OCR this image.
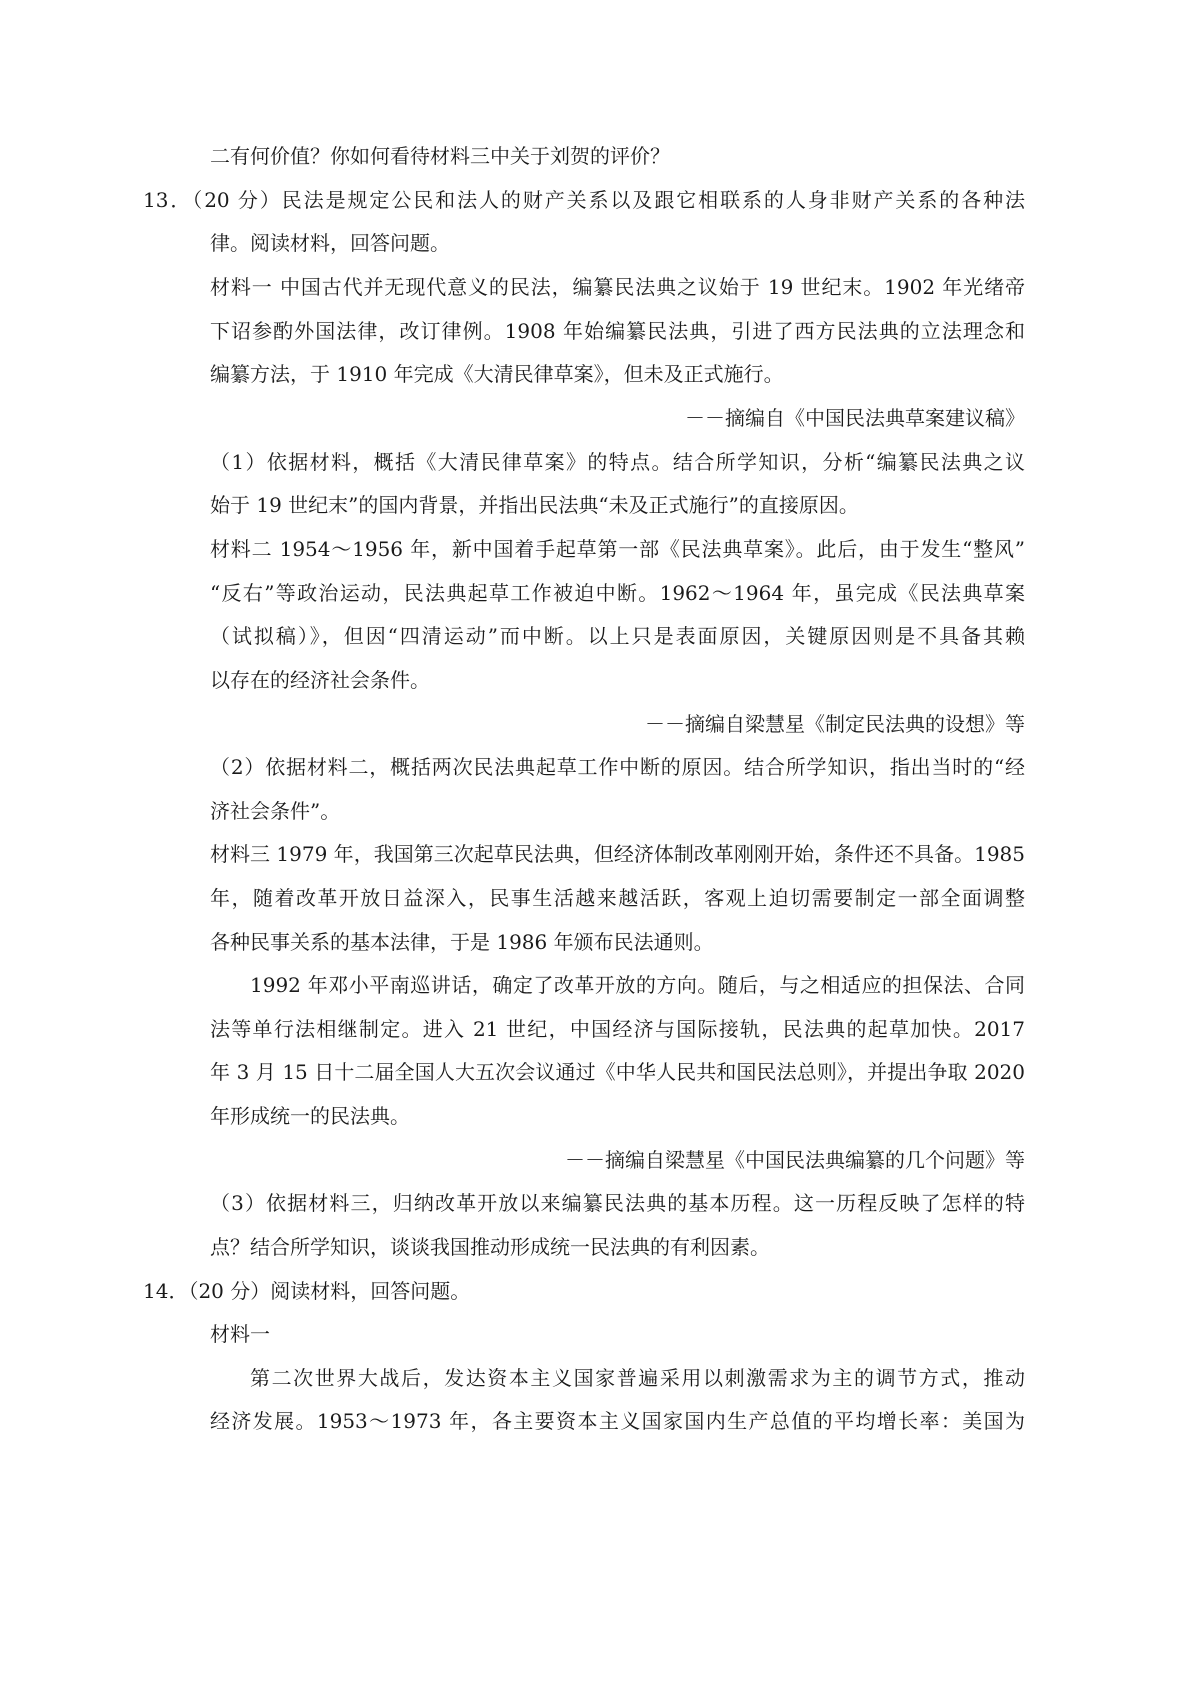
二有何价值？你如何看待材料三中关于刘贺的评价？
13．（20 分）民法是规定公民和法人的财产关系以及跟它相联系的人身非财产关系的各种法
律。阅读材料，回答问题。
材料一 中国古代并无现代意义的民法，编纂民法典之议始于 19 世纪末。1902 年光绪帝
下诏参酌外国法律，改订律例。1908 年始编纂民法典，引进了西方民法典的立法理念和
编纂方法，于 1910 年完成《大清民律草案》，但未及正式施行。
－－摘编自《中国民法典草案建议稿》
（1）依据材料，概括《大清民律草案》的特点。结合所学知识，分析“编纂民法典之议
始于 19 世纪末”的国内背景，并指出民法典“未及正式施行”的直接原因。
材料二 1954～1956 年，新中国着手起草第一部《民法典草案》。此后，由于发生“整风”
“反右”等政治运动，民法典起草工作被迫中断。1962～1964 年，虽完成《民法典草案
（试拟稿）》，但因“四清运动”而中断。以上只是表面原因，关键原因则是不具备其赖
以存在的经济社会条件。
－－摘编自梁慧星《制定民法典的设想》等
（2）依据材料二，概括两次民法典起草工作中断的原因。结合所学知识，指出当时的“经
济社会条件”。
材料三 1979 年，我国第三次起草民法典，但经济体制改革刚刚开始，条件还不具备。1985
年，随着改革开放日益深入，民事生活越来越活跃，客观上迫切需要制定一部全面调整
各种民事关系的基本法律，于是 1986 年颁布民法通则。
1992 年邓小平南巡讲话，确定了改革开放的方向。随后，与之相适应的担保法、合同
法等单行法相继制定。进入 21 世纪，中国经济与国际接轨，民法典的起草加快。2017
年 3 月 15 日十二届全国人大五次会议通过《中华人民共和国民法总则》，并提出争取 2020
年形成统一的民法典。
－－摘编自梁慧星《中国民法典编纂的几个问题》等
（3）依据材料三，归纳改革开放以来编纂民法典的基本历程。这一历程反映了怎样的特
点？结合所学知识，谈谈我国推动形成统一民法典的有利因素。
14．（20 分）阅读材料，回答问题。
材料一
第二次世界大战后，发达资本主义国家普遍采用以刺激需求为主的调节方式，推动
经济发展。1953～1973 年，各主要资本主义国家国内生产总值的平均增长率：美国为
